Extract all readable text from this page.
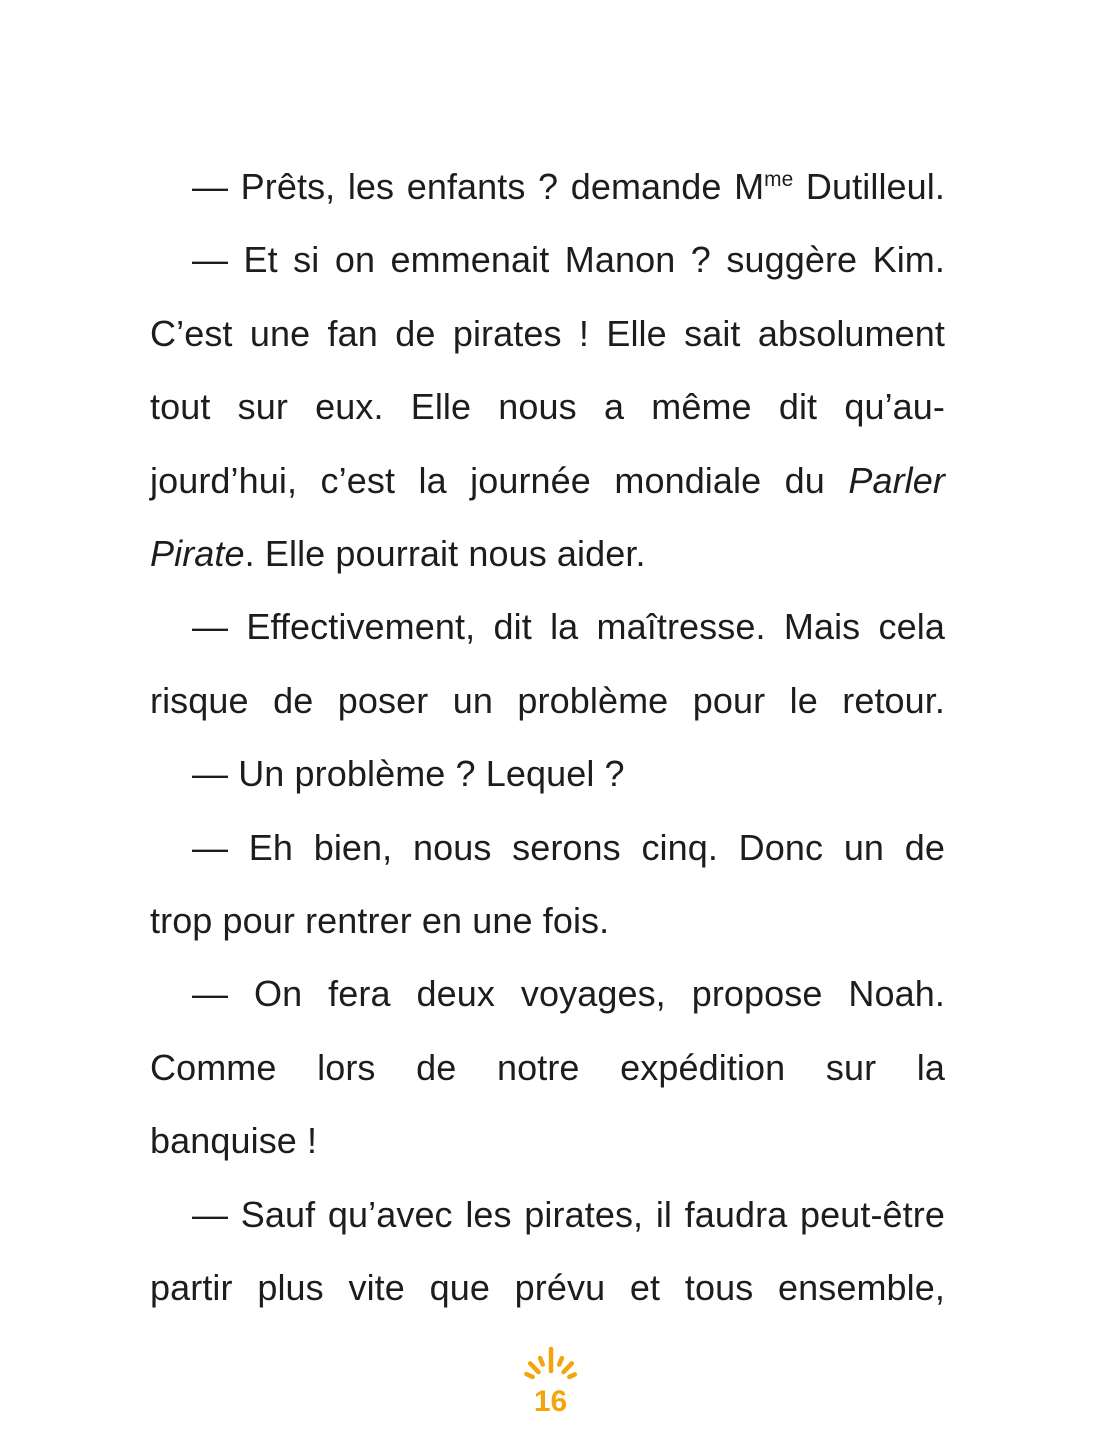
— Prêts, les enfants ? demande $M^{me}$ Dutilleul.
— Et si on emmenait Manon ? suggère Kim.
C’est une fan de pirates ! Elle sait absolument
tout sur eux. Elle nous a même dit qu’au-
jourd’hui, c’est la journée mondiale du Parler
Pirate. Elle pourrait nous aider.
— Effectivement, dit la maîtresse. Mais cela
risque de poser un problème pour le retour.
— Un problème ? Lequel ?
— Eh bien, nous serons cinq. Donc un de
trop pour rentrer en une fois.
— On fera deux voyages, propose Noah.
Comme lors de notre expédition sur la
banquise !
— Sauf qu’avec les pirates, il faudra peut-être
partir plus vite que prévu et tous ensemble,
16
